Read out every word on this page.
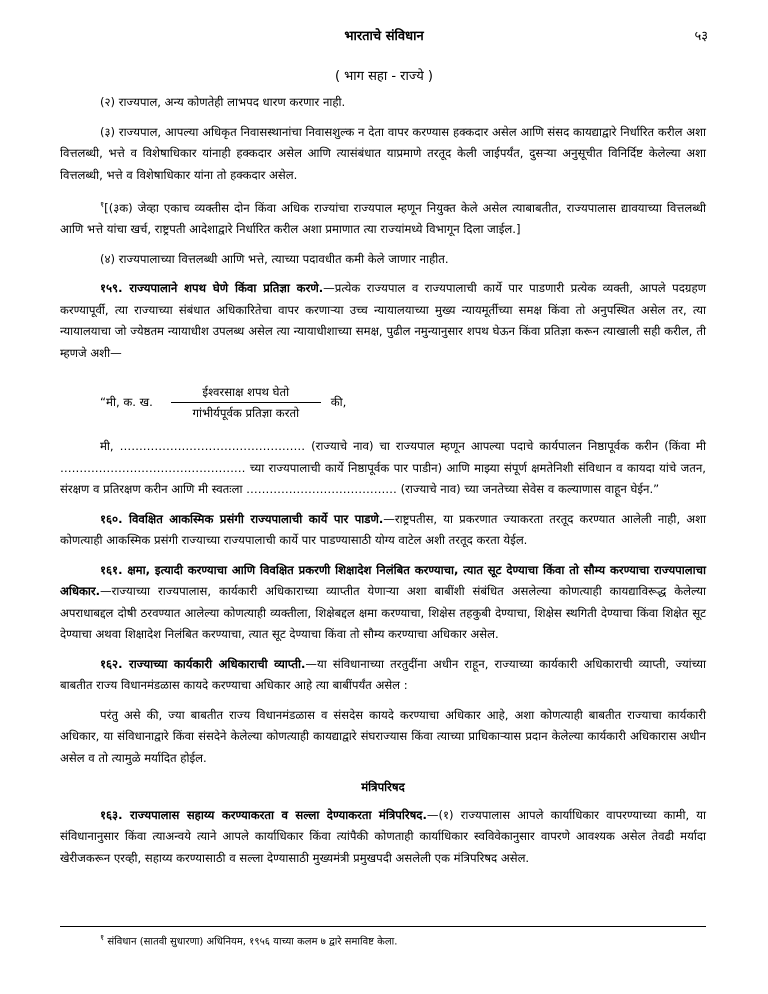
भारताचे संविधान	५३
( भाग सहा - राज्ये )

(२) राज्यपाल, अन्य कोणतेही लाभपद धारण करणार नाही.

(३) राज्यपाल, आपल्या अधिकृत निवासस्थानांचा निवासशुल्क न देता वापर करण्यास हक्कदार असेल आणि संसद कायद्याद्वारे निर्धारित करील अशा वित्तलब्धी, भत्ते व विशेषाधिकार यांनाही हक्कदार असेल आणि त्यासंबंधात याप्रमाणे तरतूद केली जाईपर्यंत, दुसऱ्या अनुसूचीत विनिर्दिष्ट केलेल्या अशा वित्तलब्धी, भत्ते व विशेषाधिकार यांना तो हक्कदार असेल.

$^१$[(३क) जेव्हा एकाच व्यक्तीस दोन किंवा अधिक राज्यांचा राज्यपाल म्हणून नियुक्त केले असेल त्याबाबतीत, राज्यपालास द्यावयाच्या वित्तलब्धी आणि भत्ते यांचा खर्च, राष्ट्रपती आदेशाद्वारे निर्धारित करील अशा प्रमाणात त्या राज्यांमध्ये विभागून दिला जाईल.]

(४) राज्यपालाच्या वित्तलब्धी आणि भत्ते, त्याच्या पदावधीत कमी केले जाणार नाहीत.

१५९. राज्यपालाने शपथ घेणे किंवा प्रतिज्ञा करणे.—प्रत्येक राज्यपाल व राज्यपालाची कार्ये पार पाडणारी प्रत्येक व्यक्ती, आपले पदग्रहण करण्यापूर्वी, त्या राज्याच्या संबंधात अधिकारितेचा वापर करणाऱ्या उच्च न्यायालयाच्या मुख्य न्यायमूर्तीच्या समक्ष किंवा तो अनुपस्थित असेल तर, त्या न्यायालयाचा जो ज्येष्ठतम न्यायाधीश उपलब्ध असेल त्या न्यायाधीशाच्या समक्ष, पुढील नमुन्यानुसार शपथ घेऊन किंवा प्रतिज्ञा करून त्याखाली सही करील, ती म्हणजे अशी—

“मी, क. ख. $\frac{\text{ईश्वरसाक्ष शपथ घेतो}}{\text{गांभीर्यपूर्वक प्रतिज्ञा करतो}}$ की,

मी, ………………………………………… (राज्याचे नाव) चा राज्यपाल म्हणून आपल्या पदाचे कार्यपालन निष्ठापूर्वक करीन (किंवा मी ………………………………………… च्या राज्यपालाची कार्ये निष्ठापूर्वक पार पाडीन) आणि माझ्या संपूर्ण क्षमतेनिशी संविधान व कायदा यांचे जतन, संरक्षण व प्रतिरक्षण करीन आणि मी स्वतःला ………………………………… (राज्याचे नाव) च्या जनतेच्या सेवेस व कल्याणास वाहून घेईन.”

१६०. विवक्षित आकस्मिक प्रसंगी राज्यपालाची कार्ये पार पाडणे.—राष्ट्रपतीस, या प्रकरणात ज्याकरता तरतूद करण्यात आलेली नाही, अशा कोणत्याही आकस्मिक प्रसंगी राज्याच्या राज्यपालाची कार्ये पार पाडण्यासाठी योग्य वाटेल अशी तरतूद करता येईल.

१६१. क्षमा, इत्यादी करण्याचा आणि विवक्षित प्रकरणी शिक्षादेश निलंबित करण्याचा, त्यात सूट देण्याचा किंवा तो सौम्य करण्याचा राज्यपालाचा अधिकार.—राज्याच्या राज्यपालास, कार्यकारी अधिकाराच्या व्याप्तीत येणाऱ्या अशा बाबींशी संबंधित असलेल्या कोणत्याही कायद्याविरूद्ध केलेल्या अपराधाबद्दल दोषी ठरवण्यात आलेल्या कोणत्याही व्यक्तीला, शिक्षेबद्दल क्षमा करण्याचा, शिक्षेस तहकुबी देण्याचा, शिक्षेस स्थगिती देण्याचा किंवा शिक्षेत सूट देण्याचा अथवा शिक्षादेश निलंबित करण्याचा, त्यात सूट देण्याचा किंवा तो सौम्य करण्याचा अधिकार असेल.

१६२. राज्याच्या कार्यकारी अधिकाराची व्याप्ती.—या संविधानाच्या तरतुदींना अधीन राहून, राज्याच्या कार्यकारी अधिकाराची व्याप्ती, ज्यांच्या बाबतीत राज्य विधानमंडळास कायदे करण्याचा अधिकार आहे त्या बाबींपर्यंत असेल :

परंतु असे की, ज्या बाबतीत राज्य विधानमंडळास व संसदेस कायदे करण्याचा अधिकार आहे, अशा कोणत्याही बाबतीत राज्याचा कार्यकारी अधिकार, या संविधानाद्वारे किंवा संसदेने केलेल्या कोणत्याही कायद्याद्वारे संघराज्यास किंवा त्याच्या प्राधिकाऱ्यास प्रदान केलेल्या कार्यकारी अधिकारास अधीन असेल व तो त्यामुळे मर्यादित होईल.

मंत्रिपरिषद

१६३. राज्यपालास सहाय्य करण्याकरता व सल्ला देण्याकरता मंत्रिपरिषद.—(१) राज्यपालास आपले कार्याधिकार वापरण्याच्या कामी, या संविधानानुसार किंवा त्याअन्वये त्याने आपले कार्याधिकार किंवा त्यांपैकी कोणताही कार्याधिकार स्वविवेकानुसार वापरणे आवश्यक असेल तेवढी मर्यादा खेरीजकरून एरव्ही, सहाय्य करण्यासाठी व सल्ला देण्यासाठी मुख्यमंत्री प्रमुखपदी असलेली एक मंत्रिपरिषद असेल.

$^१$ संविधान (सातवी सुधारणा) अधिनियम, १९५६ याच्या कलम ७ द्वारे समाविष्ट केला.
